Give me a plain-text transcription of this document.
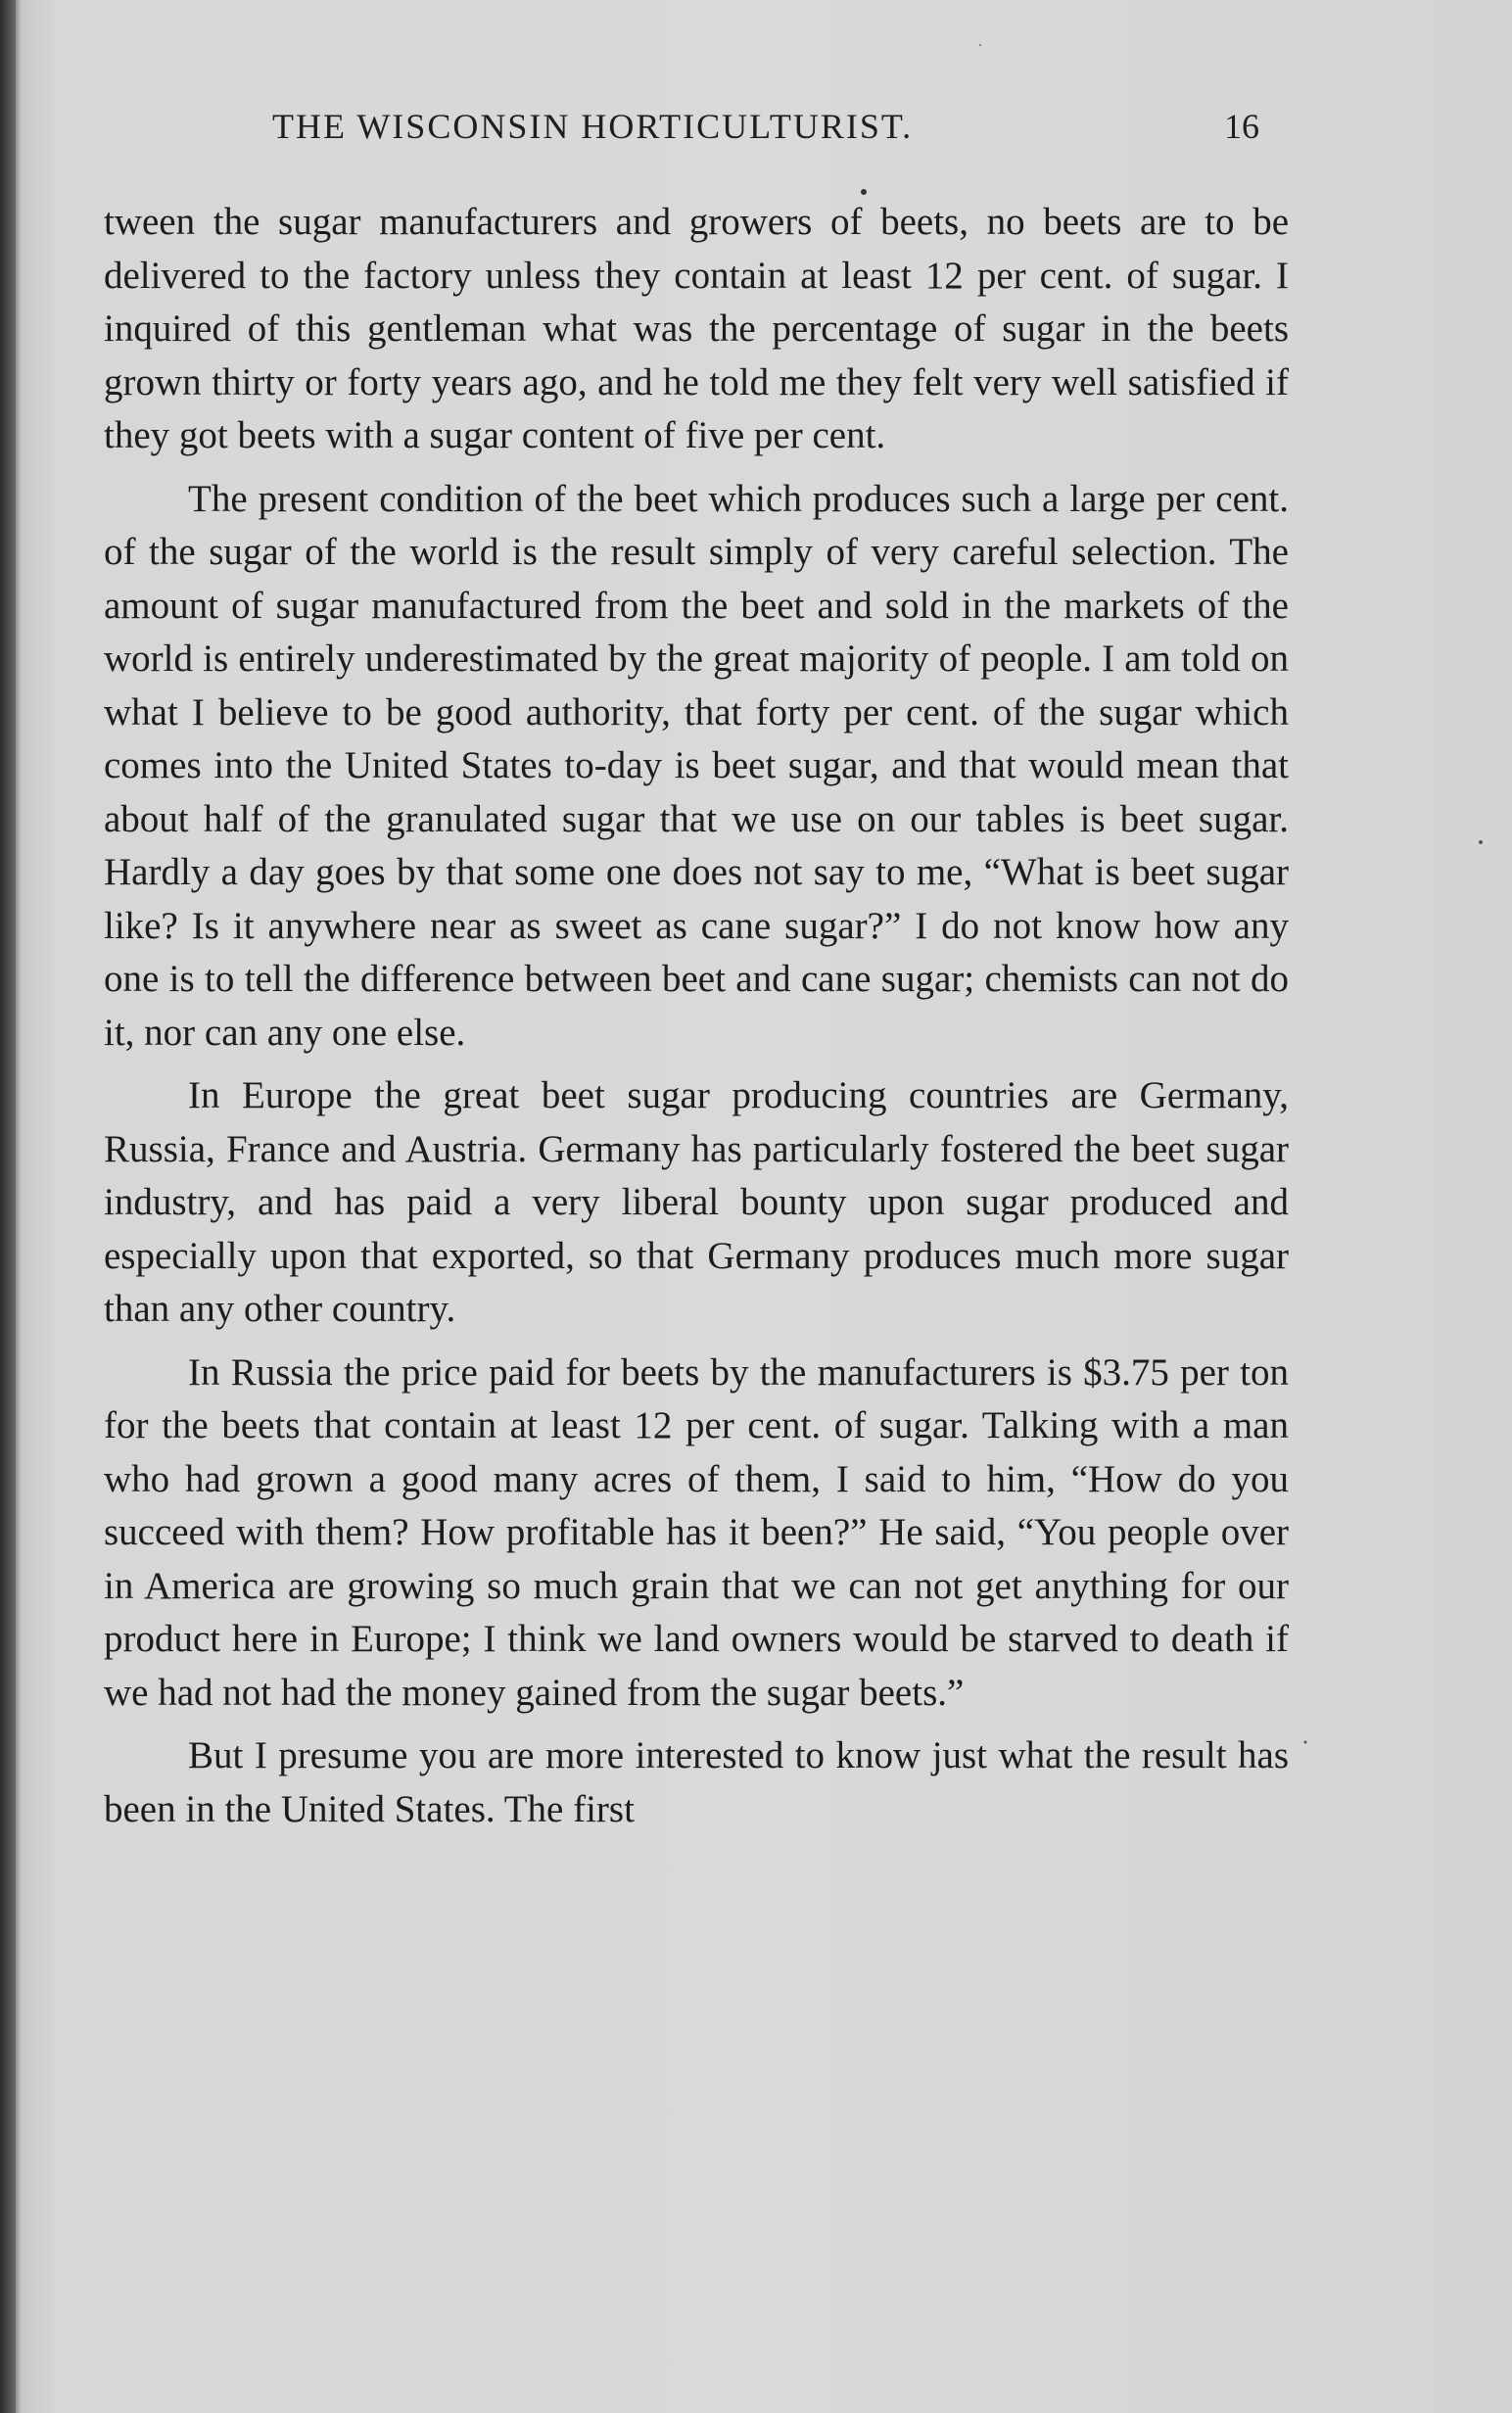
THE WISCONSIN HORTICULTURIST.	16

tween the sugar manufacturers and growers of beets, no beets are to be delivered to the factory unless they contain at least 12 per cent. of sugar. I inquired of this gentleman what was the percentage of sugar in the beets grown thirty or forty years ago, and he told me they felt very well satisfied if they got beets with a sugar content of five per cent.

The present condition of the beet which produces such a large per cent. of the sugar of the world is the result simply of very careful selection. The amount of sugar manufactured from the beet and sold in the markets of the world is entirely underestimated by the great majority of people. I am told on what I believe to be good authority, that forty per cent. of the sugar which comes into the United States to-day is beet sugar, and that would mean that about half of the granulated sugar that we use on our tables is beet sugar. Hardly a day goes by that some one does not say to me, “What is beet sugar like? Is it anywhere near as sweet as cane sugar?” I do not know how any one is to tell the difference between beet and cane sugar; chemists can not do it, nor can any one else.

In Europe the great beet sugar producing countries are Germany, Russia, France and Austria. Germany has particularly fostered the beet sugar industry, and has paid a very liberal bounty upon sugar produced and especially upon that exported, so that Germany produces much more sugar than any other country.

In Russia the price paid for beets by the manufacturers is $3.75 per ton for the beets that contain at least 12 per cent. of sugar. Talking with a man who had grown a good many acres of them, I said to him, “How do you succeed with them? How profitable has it been?” He said, “You people over in America are growing so much grain that we can not get anything for our product here in Europe; I think we land owners would be starved to death if we had not had the money gained from the sugar beets.”

But I presume you are more interested to know just what the result has been in the United States. The first
